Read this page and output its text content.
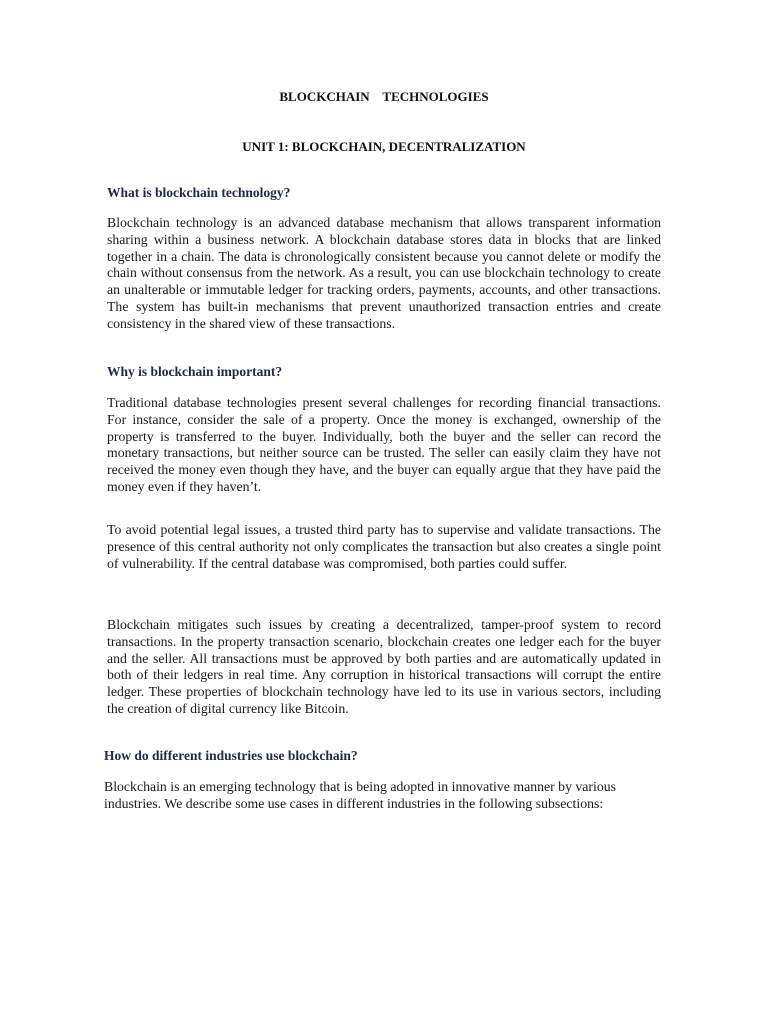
BLOCKCHAIN    TECHNOLOGIES
UNIT 1: BLOCKCHAIN, DECENTRALIZATION
What is blockchain technology?

Blockchain technology is an advanced database mechanism that allows transparent information sharing within a business network. A blockchain database stores data in blocks that are linked together in a chain. The data is chronologically consistent because you cannot delete or modify the chain without consensus from the network. As a result, you can use blockchain technology to create an unalterable or immutable ledger for tracking orders, payments, accounts, and other transactions. The system has built-in mechanisms that prevent unauthorized transaction entries and create consistency in the shared view of these transactions.

Why is blockchain important?

Traditional database technologies present several challenges for recording financial transactions. For instance, consider the sale of a property. Once the money is exchanged, ownership of the property is transferred to the buyer. Individually, both the buyer and the seller can record the monetary transactions, but neither source can be trusted. The seller can easily claim they have not received the money even though they have, and the buyer can equally argue that they have paid the money even if they haven’t.

To avoid potential legal issues, a trusted third party has to supervise and validate transactions. The presence of this central authority not only complicates the transaction but also creates a single point of vulnerability. If the central database was compromised, both parties could suffer.

Blockchain mitigates such issues by creating a decentralized, tamper-proof system to record transactions. In the property transaction scenario, blockchain creates one ledger each for the buyer and the seller. All transactions must be approved by both parties and are automatically updated in both of their ledgers in real time. Any corruption in historical transactions will corrupt the entire ledger. These properties of blockchain technology have led to its use in various sectors, including the creation of digital currency like Bitcoin.

How do different industries use blockchain?

Blockchain is an emerging technology that is being adopted in innovative manner by various industries. We describe some use cases in different industries in the following subsections:
